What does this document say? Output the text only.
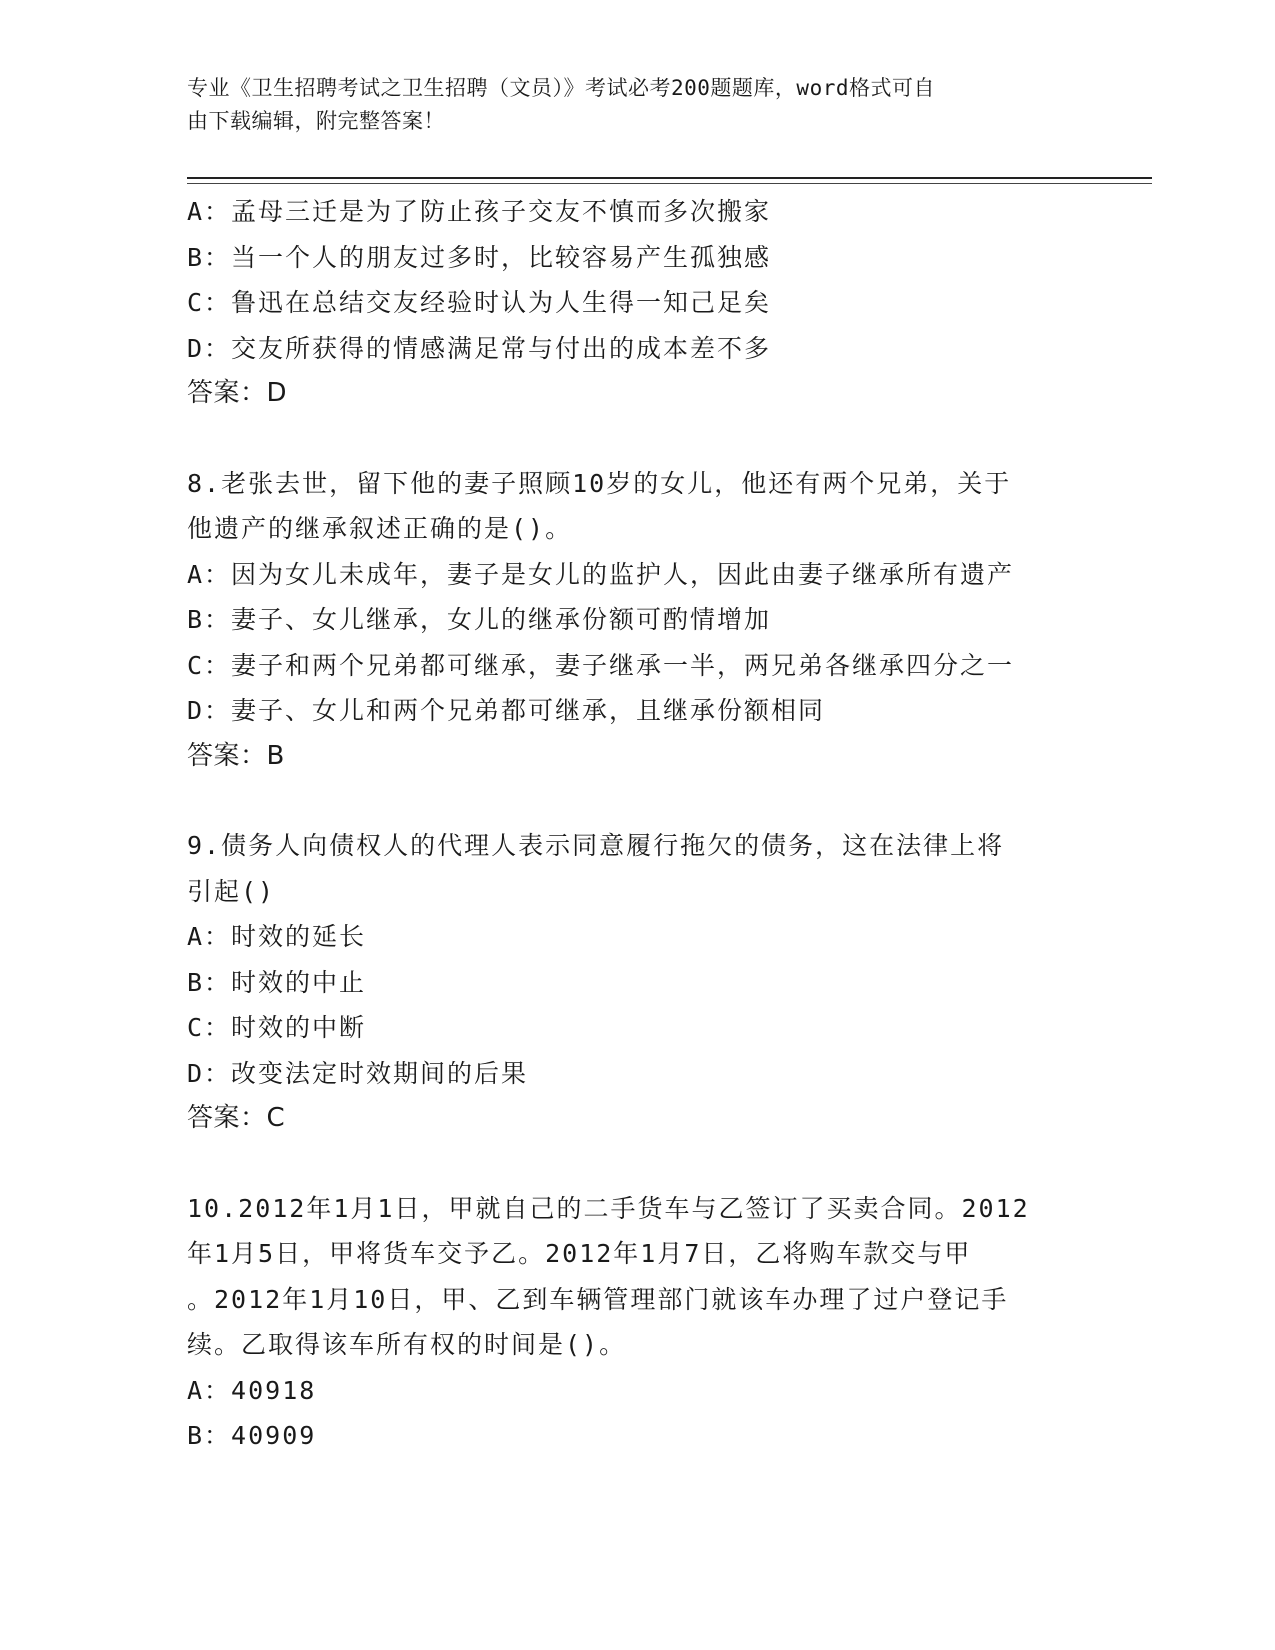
专业《卫生招聘考试之卫生招聘（文员）》考试必考200题题库，word格式可自
由下载编辑，附完整答案！
A：孟母三迁是为了防止孩子交友不慎而多次搬家
B：当一个人的朋友过多时，比较容易产生孤独感
C：鲁迅在总结交友经验时认为人生得一知己足矣
D：交友所获得的情感满足常与付出的成本差不多
答案：D
8.老张去世，留下他的妻子照顾10岁的女儿，他还有两个兄弟，关于
他遗产的继承叙述正确的是()。
A：因为女儿未成年，妻子是女儿的监护人，因此由妻子继承所有遗产
B：妻子、女儿继承，女儿的继承份额可酌情增加
C：妻子和两个兄弟都可继承，妻子继承一半，两兄弟各继承四分之一
D：妻子、女儿和两个兄弟都可继承，且继承份额相同
答案：B
9.债务人向债权人的代理人表示同意履行拖欠的债务，这在法律上将
引起()
A：时效的延长
B：时效的中止
C：时效的中断
D：改变法定时效期间的后果
答案：C
10.2012年1月1日，甲就自己的二手货车与乙签订了买卖合同。2012
年1月5日，甲将货车交予乙。2012年1月7日，乙将购车款交与甲
。2012年1月10日，甲、乙到车辆管理部门就该车办理了过户登记手
续。乙取得该车所有权的时间是()。
A：40918
B：40909
